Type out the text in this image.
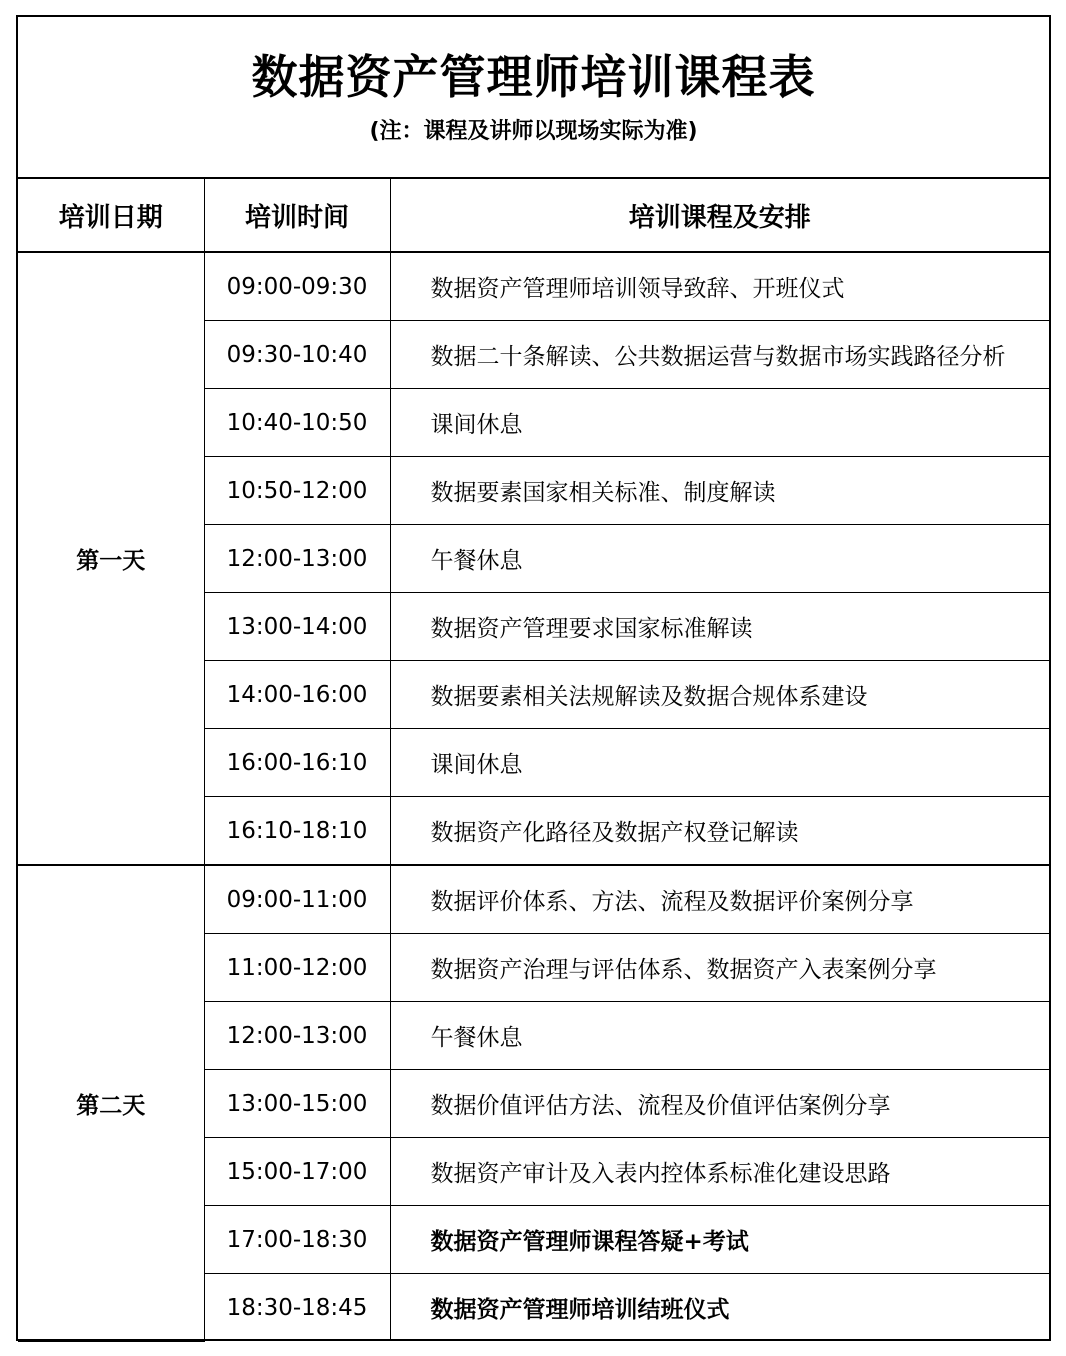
数据资产管理师培训课程表
(注：课程及讲师以现场实际为准)
培训日期	培训时间	培训课程及安排
第一天	09:00-09:30	数据资产管理师培训领导致辞、开班仪式
	09:30-10:40	数据二十条解读、公共数据运营与数据市场实践路径分析
	10:40-10:50	课间休息
	10:50-12:00	数据要素国家相关标准、制度解读
	12:00-13:00	午餐休息
	13:00-14:00	数据资产管理要求国家标准解读
	14:00-16:00	数据要素相关法规解读及数据合规体系建设
	16:00-16:10	课间休息
	16:10-18:10	数据资产化路径及数据产权登记解读
第二天	09:00-11:00	数据评价体系、方法、流程及数据评价案例分享
	11:00-12:00	数据资产治理与评估体系、数据资产入表案例分享
	12:00-13:00	午餐休息
	13:00-15:00	数据价值评估方法、流程及价值评估案例分享
	15:00-17:00	数据资产审计及入表内控体系标准化建设思路
	17:00-18:30	数据资产管理师课程答疑+考试
	18:30-18:45	数据资产管理师培训结班仪式
